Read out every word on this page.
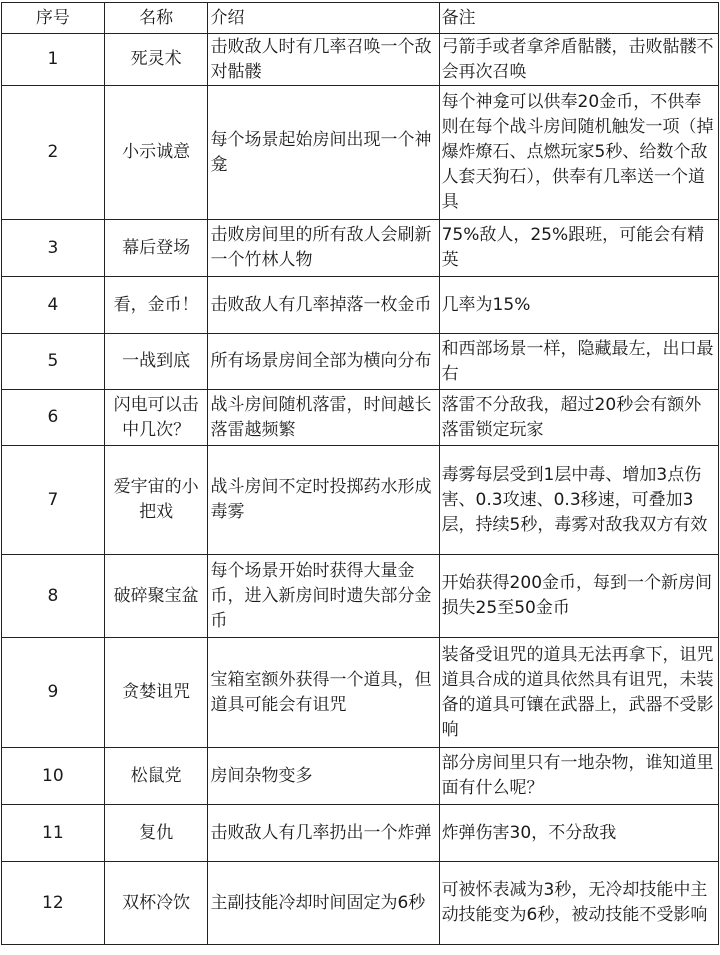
序号	名称	介绍	备注
1	死灵术	击败敌人时有几率召唤一个敌对骷髅	弓箭手或者拿斧盾骷髅，击败骷髅不会再次召唤
2	小示诚意	每个场景起始房间出现一个神龛	每个神龛可以供奉20金币，不供奉则在每个战斗房间随机触发一项（掉爆炸燎石、点燃玩家5秒、给数个敌人套天狗石），供奉有几率送一个道具
3	幕后登场	击败房间里的所有敌人会刷新一个竹林人物	75%敌人，25%跟班，可能会有精英
4	看，金币！	击败敌人有几率掉落一枚金币	几率为15%
5	一战到底	所有场景房间全部为横向分布	和西部场景一样，隐藏最左，出口最右
6	闪电可以击中几次？	战斗房间随机落雷，时间越长落雷越频繁	落雷不分敌我，超过20秒会有额外落雷锁定玩家
7	爱宇宙的小把戏	战斗房间不定时投掷药水形成毒雾	毒雾每层受到1层中毒、增加3点伤害、0.3攻速、0.3移速，可叠加3层，持续5秒，毒雾对敌我双方有效
8	破碎聚宝盆	每个场景开始时获得大量金币，进入新房间时遗失部分金币	开始获得200金币，每到一个新房间损失25至50金币
9	贪婪诅咒	宝箱室额外获得一个道具，但道具可能会有诅咒	装备受诅咒的道具无法再拿下，诅咒道具合成的道具依然具有诅咒，未装备的道具可镶在武器上，武器不受影响
10	松鼠党	房间杂物变多	部分房间里只有一地杂物，谁知道里面有什么呢？
11	复仇	击败敌人有几率扔出一个炸弹	炸弹伤害30，不分敌我
12	双杯冷饮	主副技能冷却时间固定为6秒	可被怀表减为3秒，无冷却技能中主动技能变为6秒，被动技能不受影响
